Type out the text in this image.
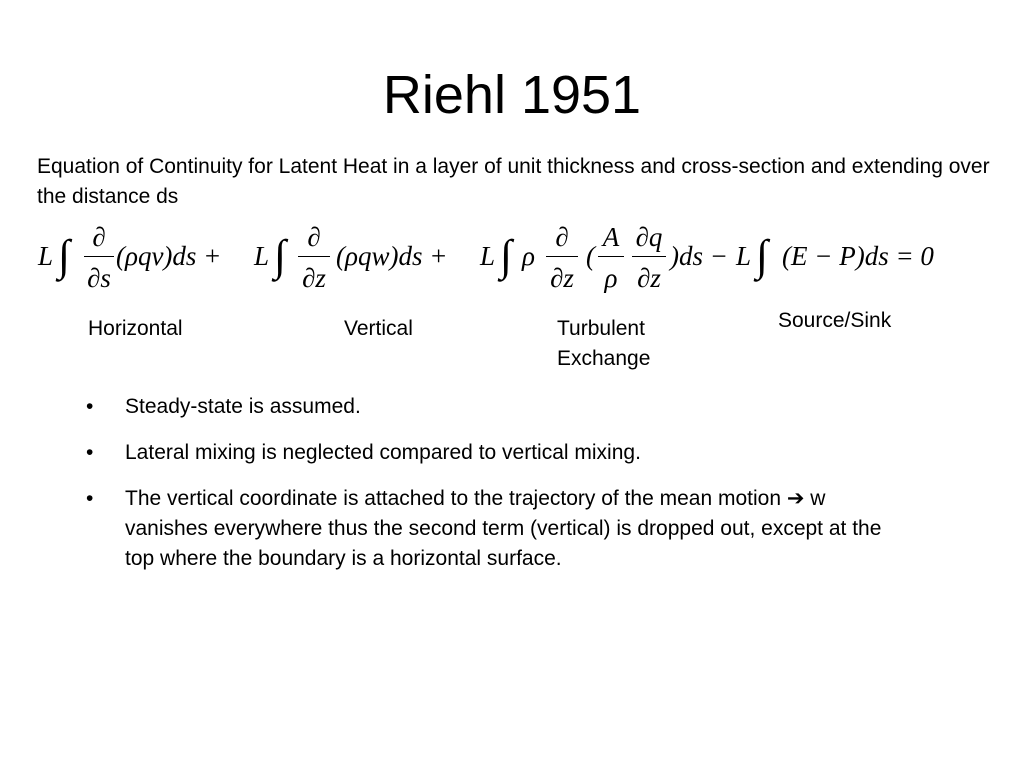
Riehl 1951

Equation of Continuity for Latent Heat in a layer of unit thickness and cross-section and extending over the distance ds

L ∫ ∂
∂s
(ρqv)ds + L ∫ ∂
∂z
(ρqw)ds + L ∫ ρ
∂
∂z
( $\frac{A}{\rho} \frac{\partial q}{\partial z} )ds - L$ ∫ (E − P)ds = 0
Horizontal	Vertical	Turbulent Exchange
Source/Sink
• Steady-state is assumed.
• Lateral mixing is neglected compared to vertical mixing.
• The vertical coordinate is attached to the trajectory of the mean motion ➔ w vanishes everywhere thus the second term (vertical) is dropped out, except at the top where the boundary is a horizontal surface.
